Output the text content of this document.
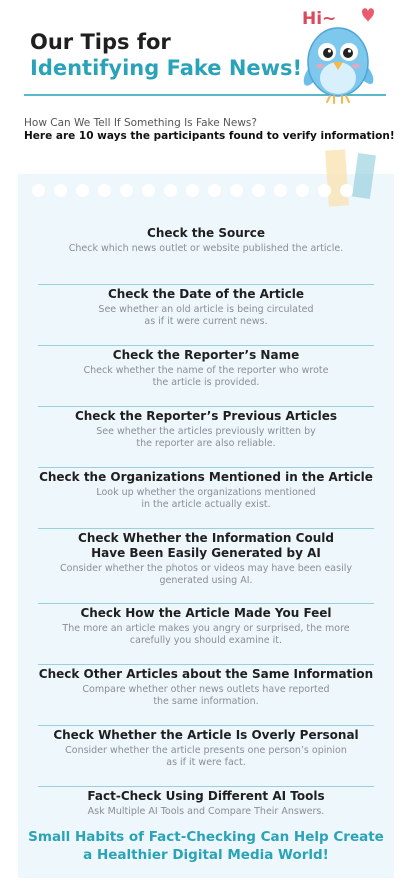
Our Tips for
Identifying Fake News!
Hi~
How Can We Tell If Something Is Fake News?
Here are 10 ways the participants found to verify information!
Check the Source
Check which news outlet or website published the article.
Check the Date of the Article
See whether an old article is being circulated
as if it were current news.
Check the Reporter’s Name
Check whether the name of the reporter who wrote
the article is provided.
Check the Reporter’s Previous Articles
See whether the articles previously written by
the reporter are also reliable.
Check the Organizations Mentioned in the Article
Look up whether the organizations mentioned
in the article actually exist.
Check Whether the Information Could
Have Been Easily Generated by AI
Consider whether the photos or videos may have been easily
generated using AI.
Check How the Article Made You Feel
The more an article makes you angry or surprised, the more
carefully you should examine it.
Check Other Articles about the Same Information
Compare whether other news outlets have reported
the same information.
Check Whether the Article Is Overly Personal
Consider whether the article presents one person’s opinion
as if it were fact.
Fact-Check Using Different AI Tools
Ask Multiple AI Tools and Compare Their Answers.
Small Habits of Fact-Checking Can Help Create
a Healthier Digital Media World!
